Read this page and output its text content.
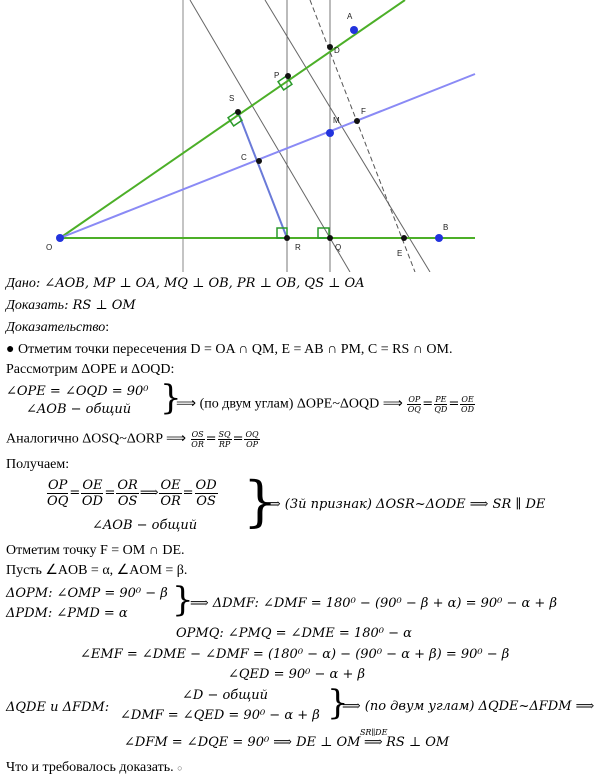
O
A
B
P
D
M
F
S
C
R	Q
E
Дано: ∠AOB, MP ⊥ OA, MQ ⊥ OB, PR ⊥ OB, QS ⊥ OA
Доказать: RS ⊥ OM
Доказательство:
● Отметим точки пересечения D = OA ∩ QM, E = AB ∩ PM, C = RS ∩ OM.
Рассмотрим ΔOPE и ΔOQD:
∠OPE = ∠OQD = 90⁰
∠AOB − общий }
⟹ (по двум углам) ΔOPE~ΔOQD ⟹ $\frac{OP}{OQ} = \frac{PE}{QD} = \frac{OE}{OD}$
Аналогично ΔOSQ~ΔORP ⟹ $\frac{OS}{OR} = \frac{SQ}{RP} = \frac{OQ}{OP}$
Получаем:
$\frac{OP}{OQ} = \frac{OE}{OD} = \frac{OR}{OS}$ ⟹ $\frac{OE}{OR} = \frac{OD}{OS}$
∠AOB − общий }
⟹ (3й признак) ΔOSR~ΔODE ⟹ SR ∥ DE
Отметим точку F = OM ∩ DE.
Пусть ∠AOB = α, ∠AOM = β.
ΔOPM: ∠OMP = 90⁰ − β
ΔPDM: ∠PMD = α }
⟹ ΔDMF: ∠DMF = 180⁰ − (90⁰ − β + α) = 90⁰ − α + β
OPMQ: ∠PMQ = ∠DME = 180⁰ − α
∠EMF = ∠DME − ∠DMF = (180⁰ − α) − (90⁰ − α + β) = 90⁰ − β
∠QED = 90⁰ − α + β
ΔQDE и ΔFDM:
∠D − общий
∠DMF = ∠QED = 90⁰ − α + β }
⟹ (по двум углам) ΔQDE~ΔFDM ⟹
∠DFM = ∠DQE = 90⁰ ⟹ DE ⊥ OM
SR∥DE
⟹ RS ⊥ OM
Что и требовалось доказать. ○
